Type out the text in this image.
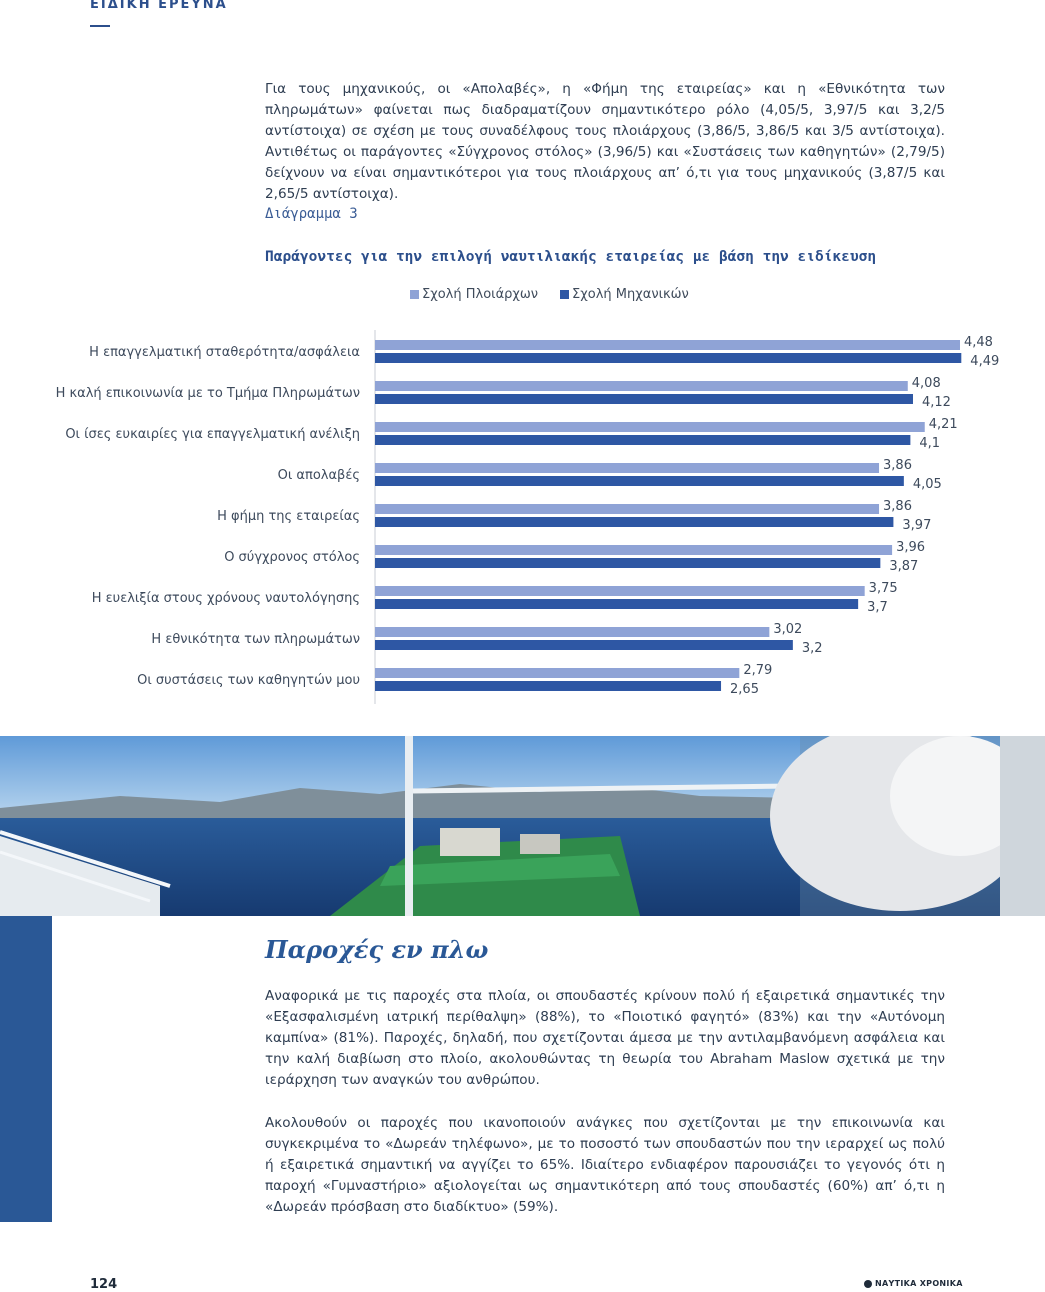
ΕΙΔΙΚΗ ΕΡΕΥΝΑ

Για τους μηχανικούς, οι «Απολαβές», η «Φήμη της εταιρείας» και η «Εθνικότητα των πληρωμάτων» φαίνεται πως διαδραματίζουν σημαντικότερο ρόλο (4,05/5, 3,97/5 και 3,2/5 αντίστοιχα) σε σχέση με τους συναδέλφους τους πλοιάρχους (3,86/5, 3,86/5 και 3/5 αντίστοιχα). Αντιθέτως οι παράγοντες «Σύγχρονος στόλος» (3,96/5) και «Συστάσεις των καθηγητών» (2,79/5) δείχνουν να είναι σημαντικότεροι για τους πλοιάρχους απ’ ό,τι για τους μηχανικούς (3,87/5 και 2,65/5 αντίστοιχα).

Διάγραμμα 3
Παράγοντες για την επιλογή ναυτιλιακής εταιρείας με βάση την ειδίκευση
Σχολή Πλοιάρχων	Σχολή Μηχανικών
Η επαγγελματική σταθερότητα/ασφάλεια
4,48
4,49
Η καλή επικοινωνία με το Τμήμα Πληρωμάτων
4,08
4,12
Οι ίσες ευκαιρίες για επαγγελματική ανέλιξη
4,21
4,1
Οι απολαβές
3,86
4,05
Η φήμη της εταιρείας
3,86
3,97
Ο σύγχρονος στόλος
3,96
3,87
Η ευελιξία στους χρόνους ναυτολόγησης
3,75
3,7
Η εθνικότητα των πληρωμάτων
3,02
3,2
Οι συστάσεις των καθηγητών μου
2,79
2,65
Παροχές εν πλω

Αναφορικά με τις παροχές στα πλοία, οι σπουδαστές κρίνουν πολύ ή εξαιρετικά σημαντικές την «Εξασφαλισμένη ιατρική περίθαλψη» (88%), το «Ποιοτικό φαγητό» (83%) και την «Αυτόνομη καμπίνα» (81%). Παροχές, δηλαδή, που σχετίζονται άμεσα με την αντιλαμβανόμενη ασφάλεια και την καλή διαβίωση στο πλοίο, ακολουθώντας τη θεωρία του Abraham Maslow σχετικά με την ιεράρχηση των αναγκών του ανθρώπου.

Ακολουθούν οι παροχές που ικανοποιούν ανάγκες που σχετίζονται με την επικοινωνία και συγκεκριμένα το «Δωρεάν τηλέφωνο», με το ποσοστό των σπουδαστών που την ιεραρχεί ως πολύ ή εξαιρετικά σημαντική να αγγίζει το 65%. Ιδιαίτερο ενδιαφέρον παρουσιάζει το γεγονός ότι η παροχή «Γυμναστήριο» αξιολογείται ως σημαντικότερη από τους σπουδαστές (60%) απ’ ό,τι η «Δωρεάν πρόσβαση στο διαδίκτυο» (59%).

124	ΝΑΥΤΙΚΑ ΧΡΟΝΙΚΑ
